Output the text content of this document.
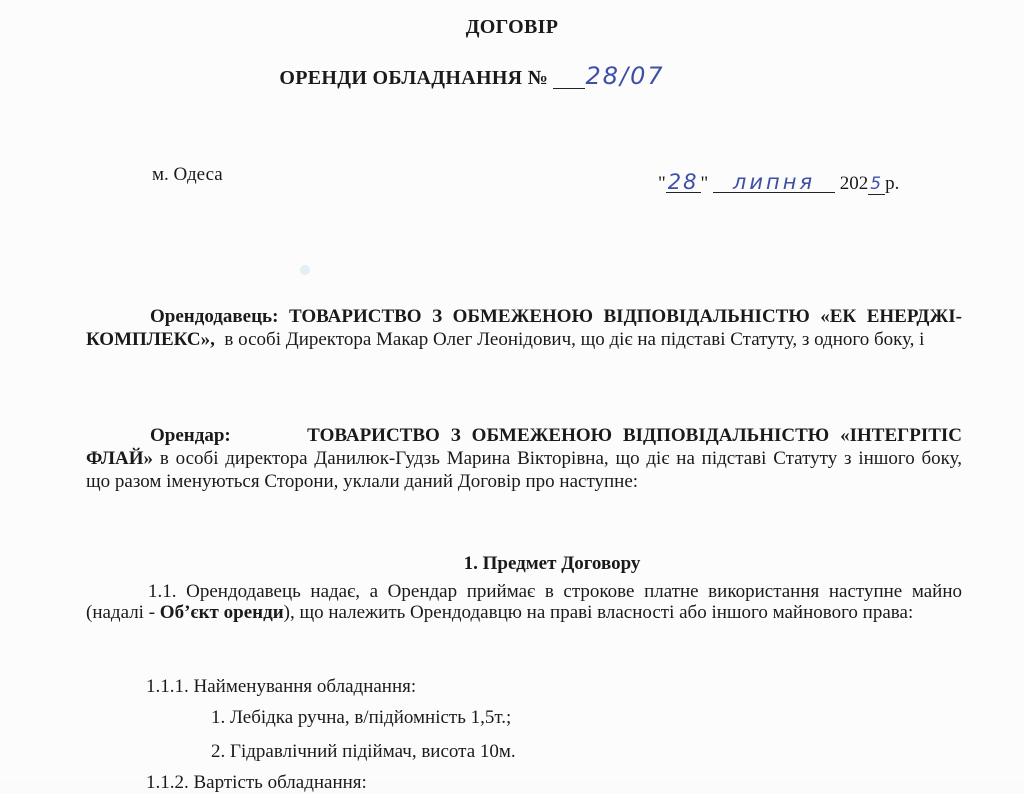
ДОГОВІР
ОРЕНДИ ОБЛАДНАННЯ № 28/07
м. Одеса	"28 " липня 202 5 р.
Орендодавець: ТОВАРИСТВО З ОБМЕЖЕНОЮ ВІДПОВІДАЛЬНІСТЮ «ЕК ЕНЕРДЖІ-КОМПЛЕКС», в особі Директора Макар Олег Леонідович, що діє на підставі Статуту, з одного боку, і
Орендар:	ТОВАРИСТВО З ОБМЕЖЕНОЮ ВІДПОВІДАЛЬНІСТЮ «ІНТЕГРІТІС ФЛАЙ» в особі директора Данилюк-Гудзь Марина Вікторівна, що діє на підставі Статуту з іншого боку, що разом іменуються Сторони, уклали даний Договір про наступне:
1. Предмет Договору
1.1. Орендодавець надає, а Орендар приймає в строкове платне використання наступне майно (надалі - Об’єкт оренди), що належить Орендодавцю на праві власності або іншого майнового права:
1.1.1. Найменування обладнання:
1. Лебідка ручна, в/підйомність 1,5т.;
2. Гідравлічний підіймач, висота 10м.
1.1.2. Вартість обладнання:
